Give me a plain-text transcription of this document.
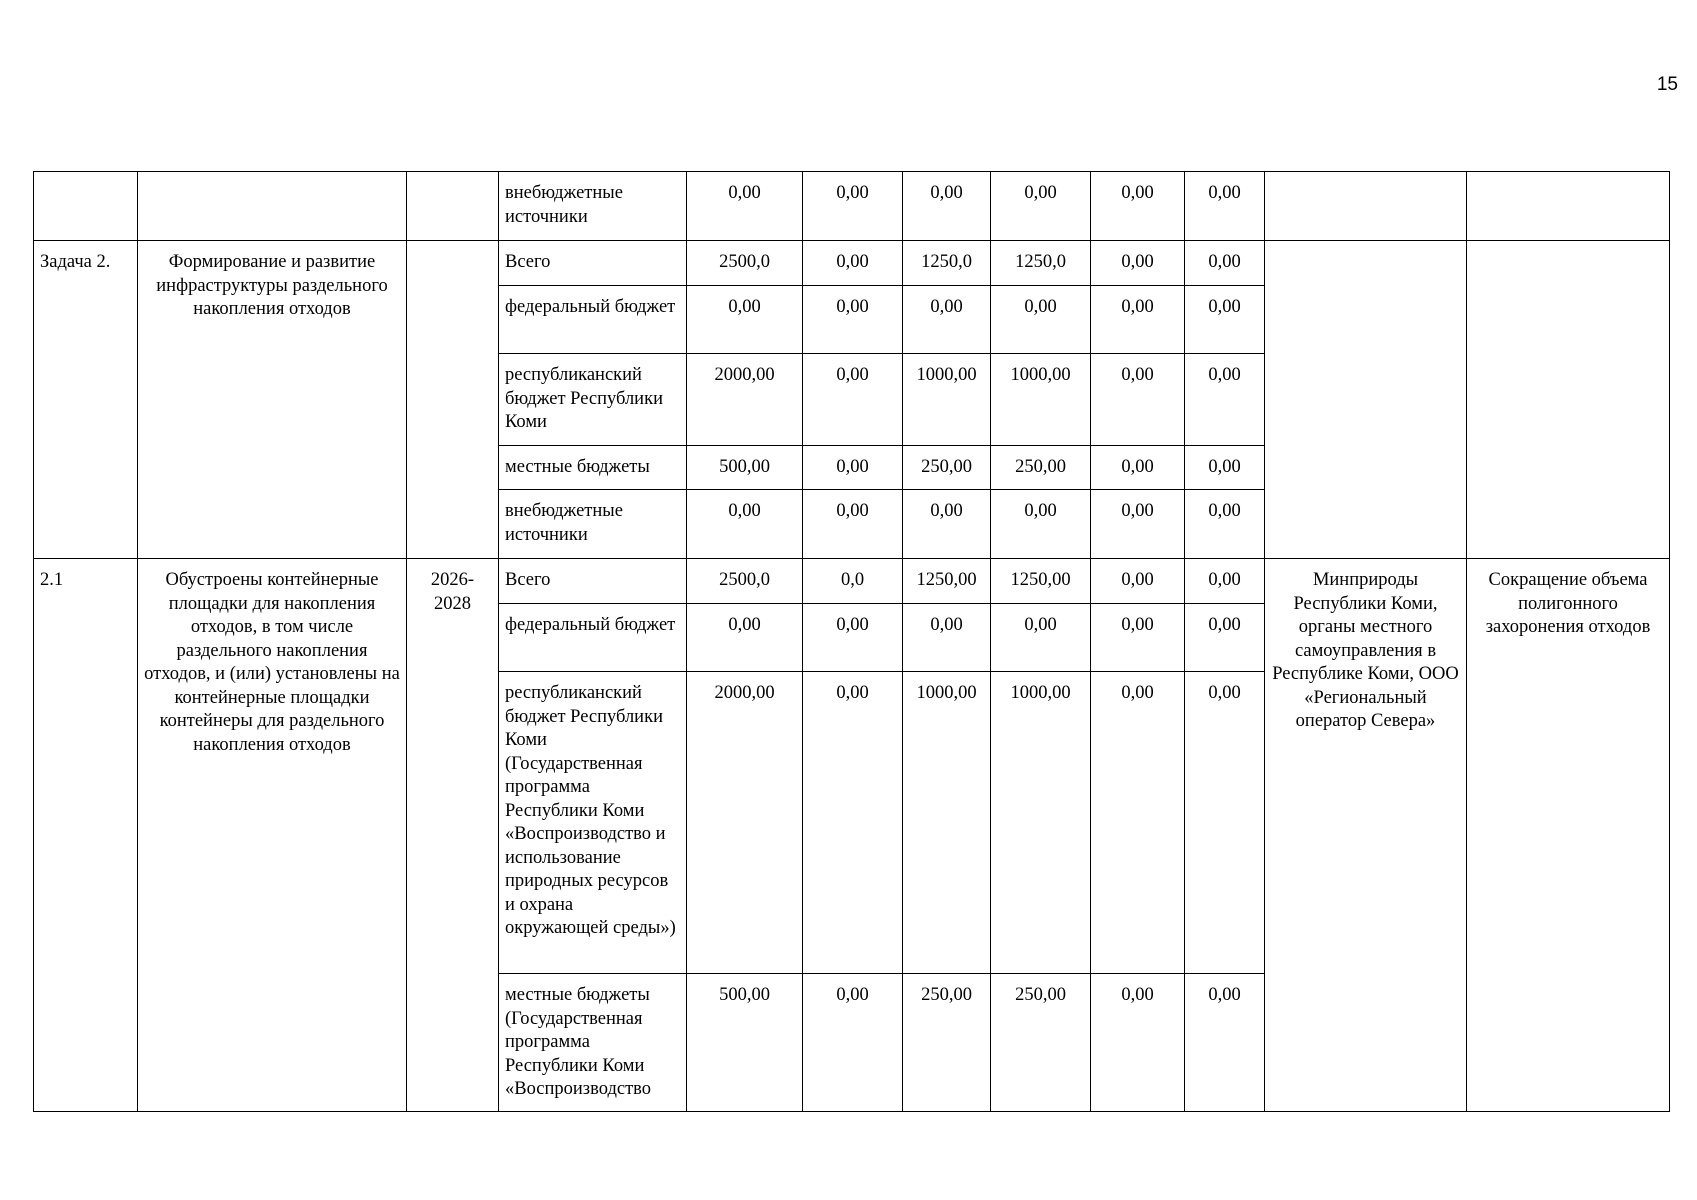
15
			внебюджетные источники	0,00	0,00	0,00	0,00	0,00	0,00		
Задача 2.	Формирование и развитие инфраструктуры раздельного накопления отходов		Всего	2500,0	0,00	1250,0	1250,0	0,00	0,00		
			федеральный бюджет	0,00	0,00	0,00	0,00	0,00	0,00		
			республиканский бюджет Республики Коми	2000,00	0,00	1000,00	1000,00	0,00	0,00		
			местные бюджеты	500,00	0,00	250,00	250,00	0,00	0,00		
			внебюджетные источники	0,00	0,00	0,00	0,00	0,00	0,00		
2.1	Обустроены контейнерные площадки для накопления отходов, в том числе раздельного накопления отходов, и (или) установлены на контейнерные площадки контейнеры для раздельного накопления отходов	2026-2028	Всего	2500,0	0,0	1250,00	1250,00	0,00	0,00	Минприроды Республики Коми, органы местного самоуправления в Республике Коми, ООО «Региональный оператор Севера»	Сокращение объема полигонного захоронения отходов
			федеральный бюджет	0,00	0,00	0,00	0,00	0,00	0,00		
			республиканский бюджет Республики Коми (Государственная программа Республики Коми «Воспроизводство и использование природных ресурсов и охрана окружающей среды»)	2000,00	0,00	1000,00	1000,00	0,00	0,00		
			местные бюджеты (Государственная программа Республики Коми «Воспроизводство	500,00	0,00	250,00	250,00	0,00	0,00		
